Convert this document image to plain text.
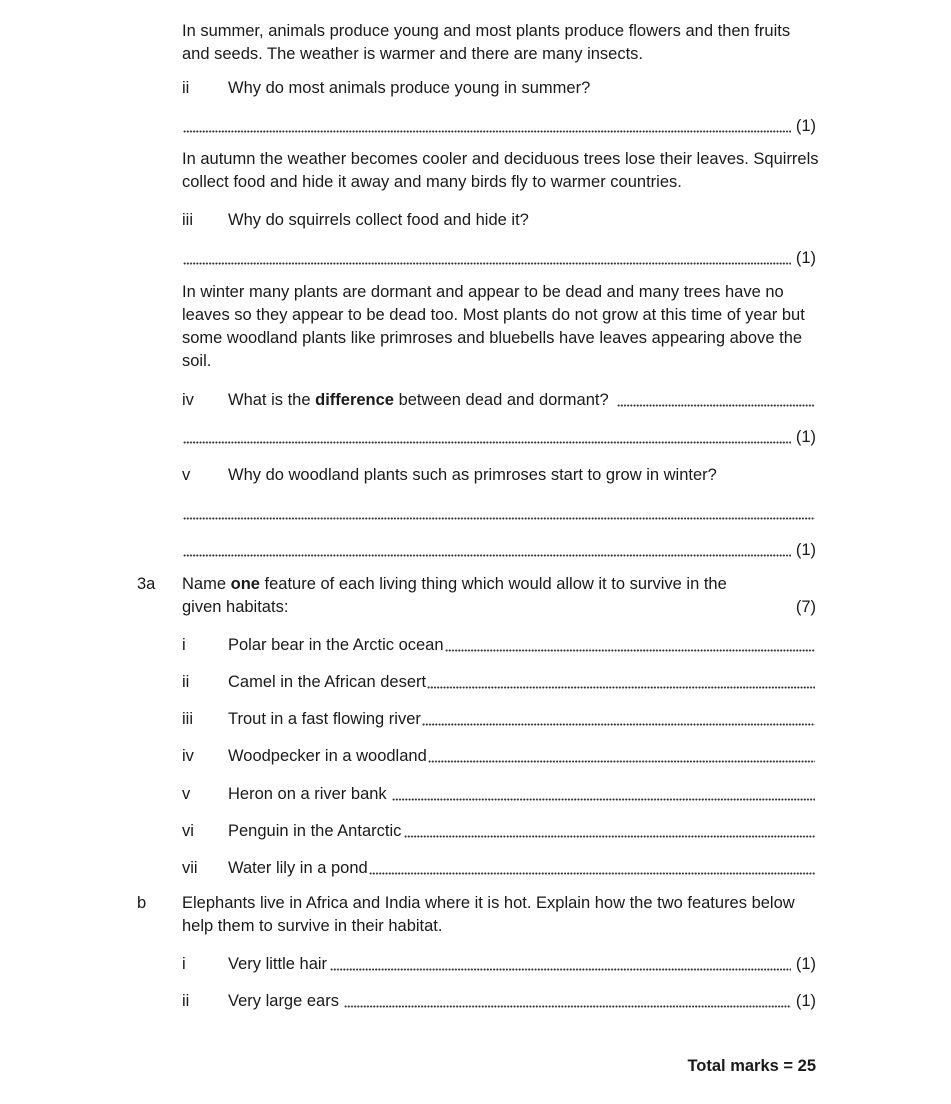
In summer, animals produce young and most plants produce flowers and then fruits and seeds. The weather is warmer and there are many insects.
ii Why do most animals produce young in summer?
(1)
In autumn the weather becomes cooler and deciduous trees lose their leaves. Squirrels collect food and hide it away and many birds fly to warmer countries.
iii Why do squirrels collect food and hide it?
(1)
In winter many plants are dormant and appear to be dead and many trees have no leaves so they appear to be dead too. Most plants do not grow at this time of year but some woodland plants like primroses and bluebells have leaves appearing above the soil.
iv	What is the difference between dead and dormant?
(1)
v Why do woodland plants such as primroses start to grow in winter?
(1)
3a Name one feature of each living thing which would allow it to survive in the
given habitats:	(7)
i	Polar bear in the Arctic ocean
ii	Camel in the African desert
iii	Trout in a fast flowing river
iv	Woodpecker in a woodland
v	Heron on a river bank
vi	Penguin in the Antarctic
vii	Water lily in a pond
b Elephants live in Africa and India where it is hot. Explain how the two features below help them to survive in their habitat.
i	Very little hair	(1)
ii	Very large ears	(1)
Total marks = 25
